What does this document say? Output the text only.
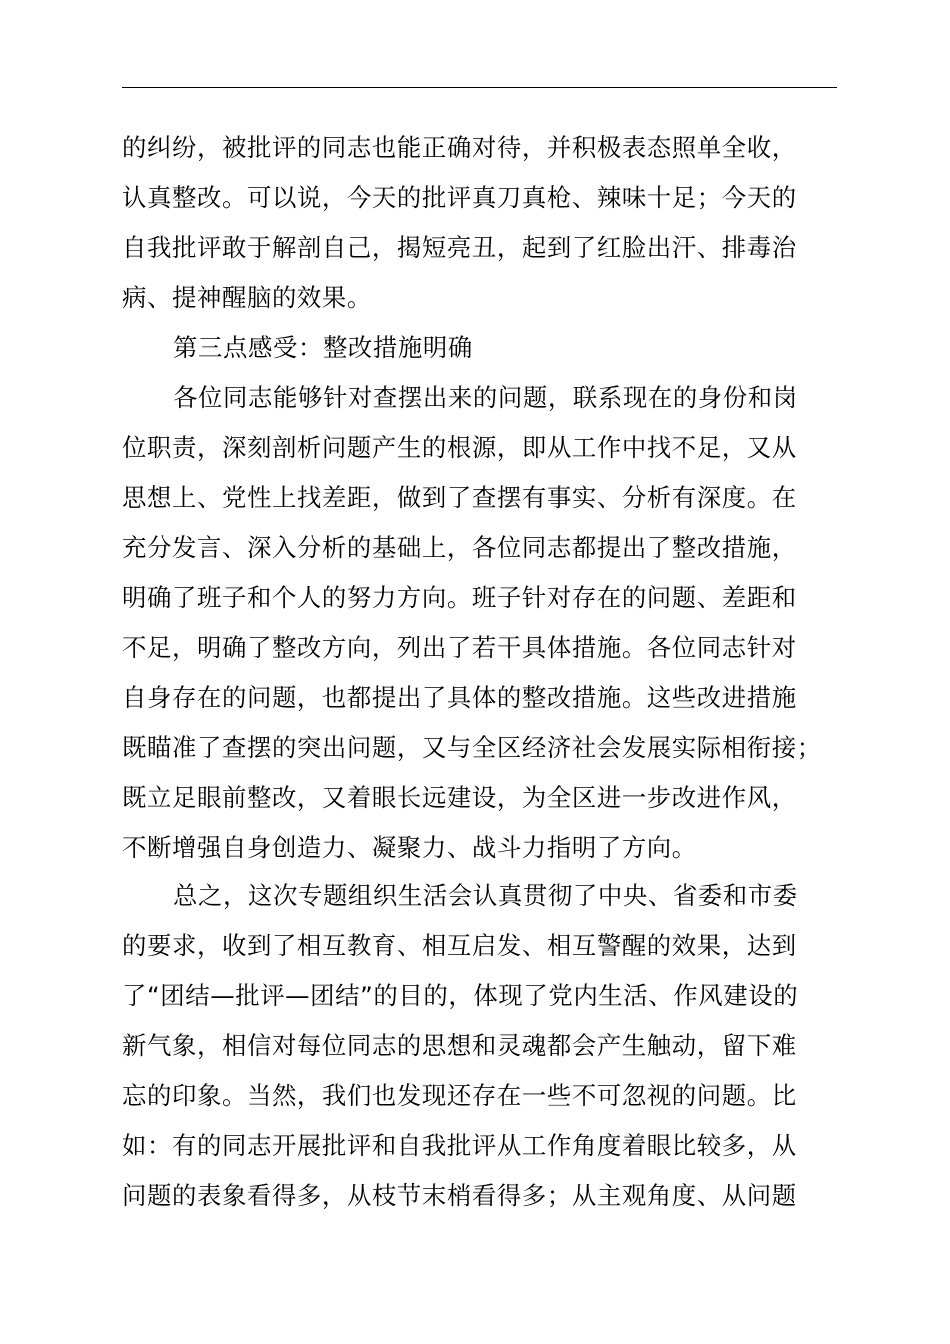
的纠纷，被批评的同志也能正确对待，并积极表态照单全收，
认真整改。可以说，今天的批评真刀真枪、辣味十足；今天的
自我批评敢于解剖自己，揭短亮丑，起到了红脸出汗、排毒治
病、提神醒脑的效果。
第三点感受：整改措施明确
各位同志能够针对查摆出来的问题，联系现在的身份和岗
位职责，深刻剖析问题产生的根源，即从工作中找不足，又从
思想上、党性上找差距，做到了查摆有事实、分析有深度。在
充分发言、深入分析的基础上，各位同志都提出了整改措施，
明确了班子和个人的努力方向。班子针对存在的问题、差距和
不足，明确了整改方向，列出了若干具体措施。各位同志针对
自身存在的问题，也都提出了具体的整改措施。这些改进措施
既瞄准了查摆的突出问题，又与全区经济社会发展实际相衔接；
既立足眼前整改，又着眼长远建设，为全区进一步改进作风，
不断增强自身创造力、凝聚力、战斗力指明了方向。
总之，这次专题组织生活会认真贯彻了中央、省委和市委
的要求，收到了相互教育、相互启发、相互警醒的效果，达到
了“团结—批评—团结”的目的，体现了党内生活、作风建设的
新气象，相信对每位同志的思想和灵魂都会产生触动，留下难
忘的印象。当然，我们也发现还存在一些不可忽视的问题。比
如：有的同志开展批评和自我批评从工作角度着眼比较多，从
问题的表象看得多，从枝节末梢看得多；从主观角度、从问题
